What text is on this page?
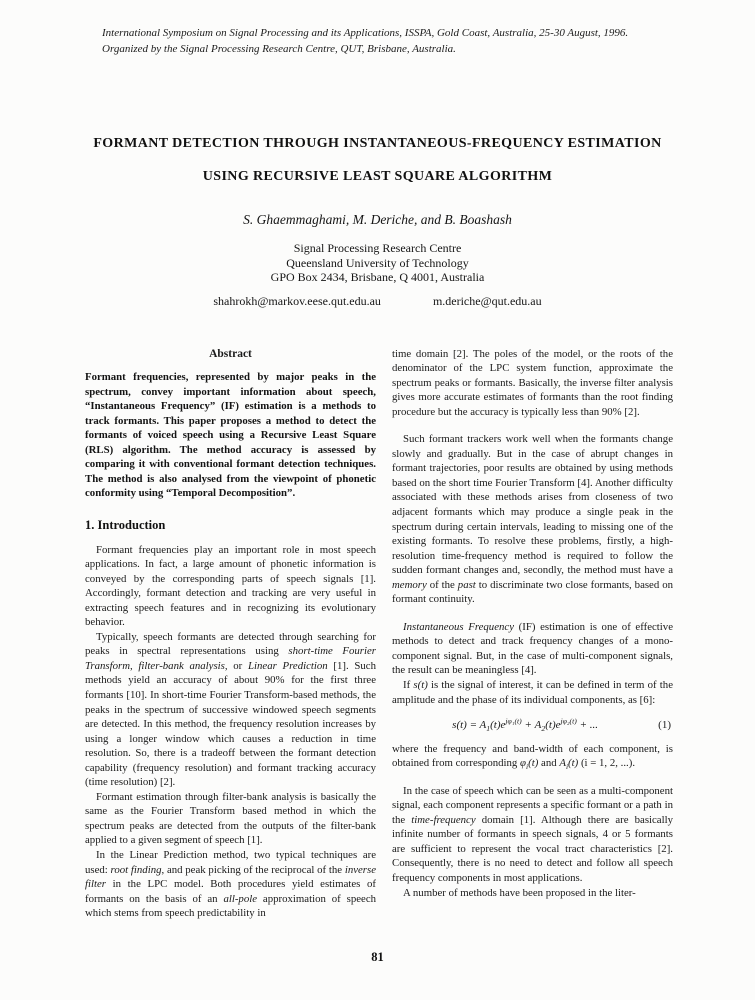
International Symposium on Signal Processing and its Applications, ISSPA, Gold Coast, Australia, 25-30 August, 1996.
Organized by the Signal Processing Research Centre, QUT, Brisbane, Australia.
FORMANT DETECTION THROUGH INSTANTANEOUS-FREQUENCY ESTIMATION
USING RECURSIVE LEAST SQUARE ALGORITHM
S. Ghaemmaghami, M. Deriche, and B. Boashash
Signal Processing Research Centre
Queensland University of Technology
GPO Box 2434, Brisbane, Q 4001, Australia
shahrokh@markov.eese.qut.edu.au	m.deriche@qut.edu.au
Abstract

Formant frequencies, represented by major peaks in the spectrum, convey important information about speech, “Instantaneous Frequency” (IF) estimation is a methods to track formants. This paper proposes a method to detect the formants of voiced speech using a Recursive Least Square (RLS) algorithm. The method accuracy is assessed by comparing it with conventional formant detection techniques. The method is also analysed from the viewpoint of phonetic conformity using “Temporal Decomposition”.

1. Introduction

Formant frequencies play an important role in most speech applications. In fact, a large amount of phonetic information is conveyed by the corresponding parts of speech signals [1]. Accordingly, formant detection and tracking are very useful in extracting speech features and in recognizing its evolutionary behavior.

Typically, speech formants are detected through searching for peaks in spectral representations using short-time Fourier Transform, filter-bank analysis, or Linear Prediction [1]. Such methods yield an accuracy of about 90% for the first three formants [10]. In short-time Fourier Transform-based methods, the peaks in the spectrum of successive windowed speech segments are detected. In this method, the frequency resolution increases by using a longer window which causes a reduction in time resolution. So, there is a tradeoff between the formant detection capability (frequency resolution) and formant tracking accuracy (time resolution) [2].

Formant estimation through filter-bank analysis is basically the same as the Fourier Transform based method in which the spectrum peaks are detected from the outputs of the filter-bank applied to a given segment of speech [1].

In the Linear Prediction method, two typical techniques are used: root finding, and peak picking of the reciprocal of the inverse filter in the LPC model. Both procedures yield estimates of formants on the basis of an all-pole approximation of speech which stems from speech predictability in

time domain [2]. The poles of the model, or the roots of the denominator of the LPC system function, approximate the spectrum peaks or formants. Basically, the inverse filter analysis gives more accurate estimates of formants than the root finding procedure but the accuracy is typically less than 90% [2].

Such formant trackers work well when the formants change slowly and gradually. But in the case of abrupt changes in formant trajectories, poor results are obtained by using methods based on the short time Fourier Transform [4]. Another difficulty associated with these methods arises from closeness of two adjacent formants which may produce a single peak in the spectrum during certain intervals, leading to missing one of the existing formants. To resolve these problems, firstly, a high-resolution time-frequency method is required to follow the sudden formant changes and, secondly, the method must have a memory of the past to discriminate two close formants, based on formant continuity.

Instantaneous Frequency (IF) estimation is one of effective methods to detect and track frequency changes of a mono-component signal. But, in the case of multi-component signals, the result can be meaningless [4].

If s(t) is the signal of interest, it can be defined in term of the amplitude and the phase of its individual components, as [6]:

$s(t) = A_1(t)e^{j\varphi_1(t)} + A_2(t)e^{j\varphi_2(t)}$ + ...	(1)

where the frequency and band-width of each component, is obtained from corresponding $\varphi_i(t)$ and $A_i(t) (i = 1$, 2, ...).

In the case of speech which can be seen as a multi-component signal, each component represents a specific formant or a path in the time-frequency domain [1]. Although there are basically infinite number of formants in speech signals, 4 or 5 formants are sufficient to represent the vocal tract characteristics [2]. Consequently, there is no need to detect and follow all speech frequency components in most applications.

A number of methods have been proposed in the liter-

81
